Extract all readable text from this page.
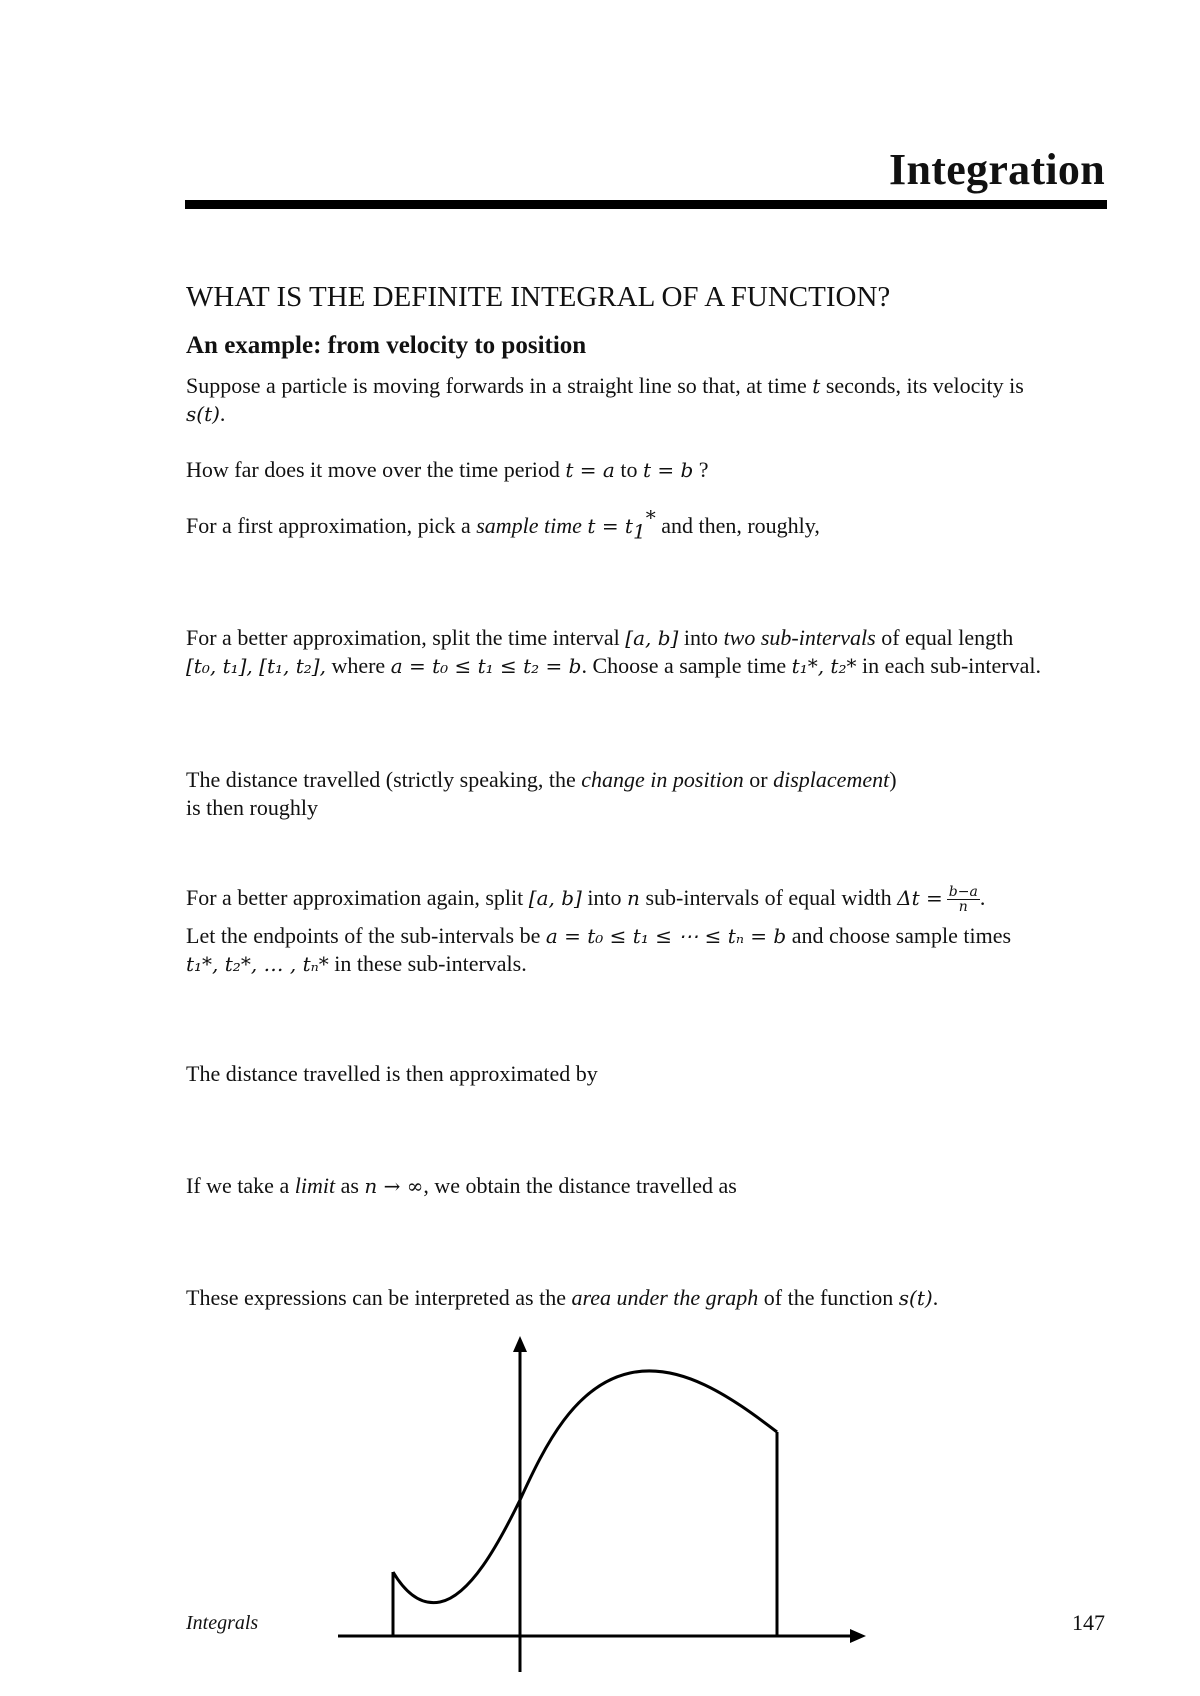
Integration
WHAT IS THE DEFINITE INTEGRAL OF A FUNCTION?
An example: from velocity to position
Suppose a particle is moving forwards in a straight line so that, at time t seconds, its velocity is
s(t).
How far does it move over the time period t = a to t = b ?
For a first approximation, pick a sample time $t = t_1^*$ and then, roughly,
For a better approximation, split the time interval [a, b] into two sub-intervals of equal length
[t₀, t₁], [t₁, t₂], where a = t₀ ≤ t₁ ≤ t₂ = b. Choose a sample time t₁*, t₂* in each sub-interval.
The distance travelled (strictly speaking, the change in position or displacement)
is then roughly
For a better approximation again, split [a, b] into n sub-intervals of equal width $\Delta t = \frac{b-a}{n}$ .
Let the endpoints of the sub-intervals be a = t₀ ≤ t₁ ≤ ⋯ ≤ tₙ = b and choose sample times
t₁*, t₂*, … , tₙ* in these sub-intervals.
The distance travelled is then approximated by
If we take a limit as n → ∞, we obtain the distance travelled as
These expressions can be interpreted as the area under the graph of the function s(t).
Integrals	147
